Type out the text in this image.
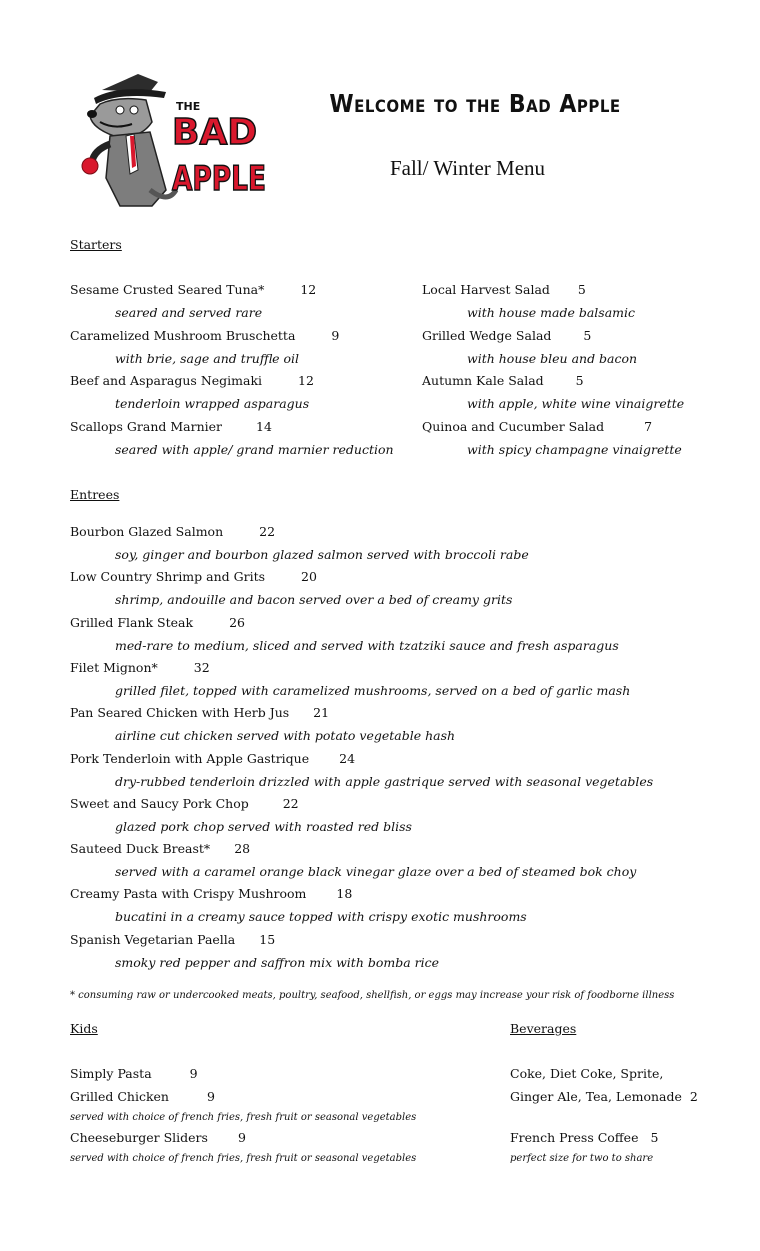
THE
BAD
APPLE
Welcome to the Bad Apple
Fall/ Winter Menu
Starters
Sesame Crusted Seared Tuna*	12
seared and served rare
Caramelized Mushroom Bruschetta	9
with brie, sage and truffle oil
Beef and Asparagus Negimaki	12
tenderloin wrapped asparagus
Scallops Grand Marnier	14
seared with apple/ grand marnier reduction
Local Harvest Salad 5
with house made balsamic
Grilled Wedge Salad	5
with house bleu and bacon
Autumn Kale Salad	5
with apple, white wine vinaigrette
Quinoa and Cucumber Salad	7
with spicy champagne vinaigrette
Entrees
Bourbon Glazed Salmon	22
soy, ginger and bourbon glazed salmon served with broccoli rabe
Low Country Shrimp and Grits	20
shrimp, andouille and bacon served over a bed of creamy grits
Grilled Flank Steak	26
med-rare to medium, sliced and served with tzatziki sauce and fresh asparagus
Filet Mignon*	32
grilled filet, topped with caramelized mushrooms, served on a bed of garlic mash
Pan Seared Chicken with Herb Jus 21
airline cut chicken served with potato vegetable hash
Pork Tenderloin with Apple Gastrique 24
dry-rubbed tenderloin drizzled with apple gastrique served with seasonal vegetables
Sweet and Saucy Pork Chop	22
glazed pork chop served with roasted red bliss
Sauteed Duck Breast* 28
served with a caramel orange black vinegar glaze over a bed of steamed bok choy
Creamy Pasta with Crispy Mushroom 18
bucatini in a creamy sauce topped with crispy exotic mushrooms
Spanish Vegetarian Paella 15
smoky red pepper and saffron mix with bomba rice
* consuming raw or undercooked meats, poultry, seafood, shellfish, or eggs may increase your risk of foodborne illness
Kids
Simply Pasta	9
Grilled Chicken	9
served with choice of french fries, fresh fruit or seasonal vegetables
Cheeseburger Sliders 9
served with choice of french fries, fresh fruit or seasonal vegetables
Beverages
Coke, Diet Coke, Sprite,
Ginger Ale, Tea, Lemonade 2
French Press Coffee 5
perfect size for two to share
